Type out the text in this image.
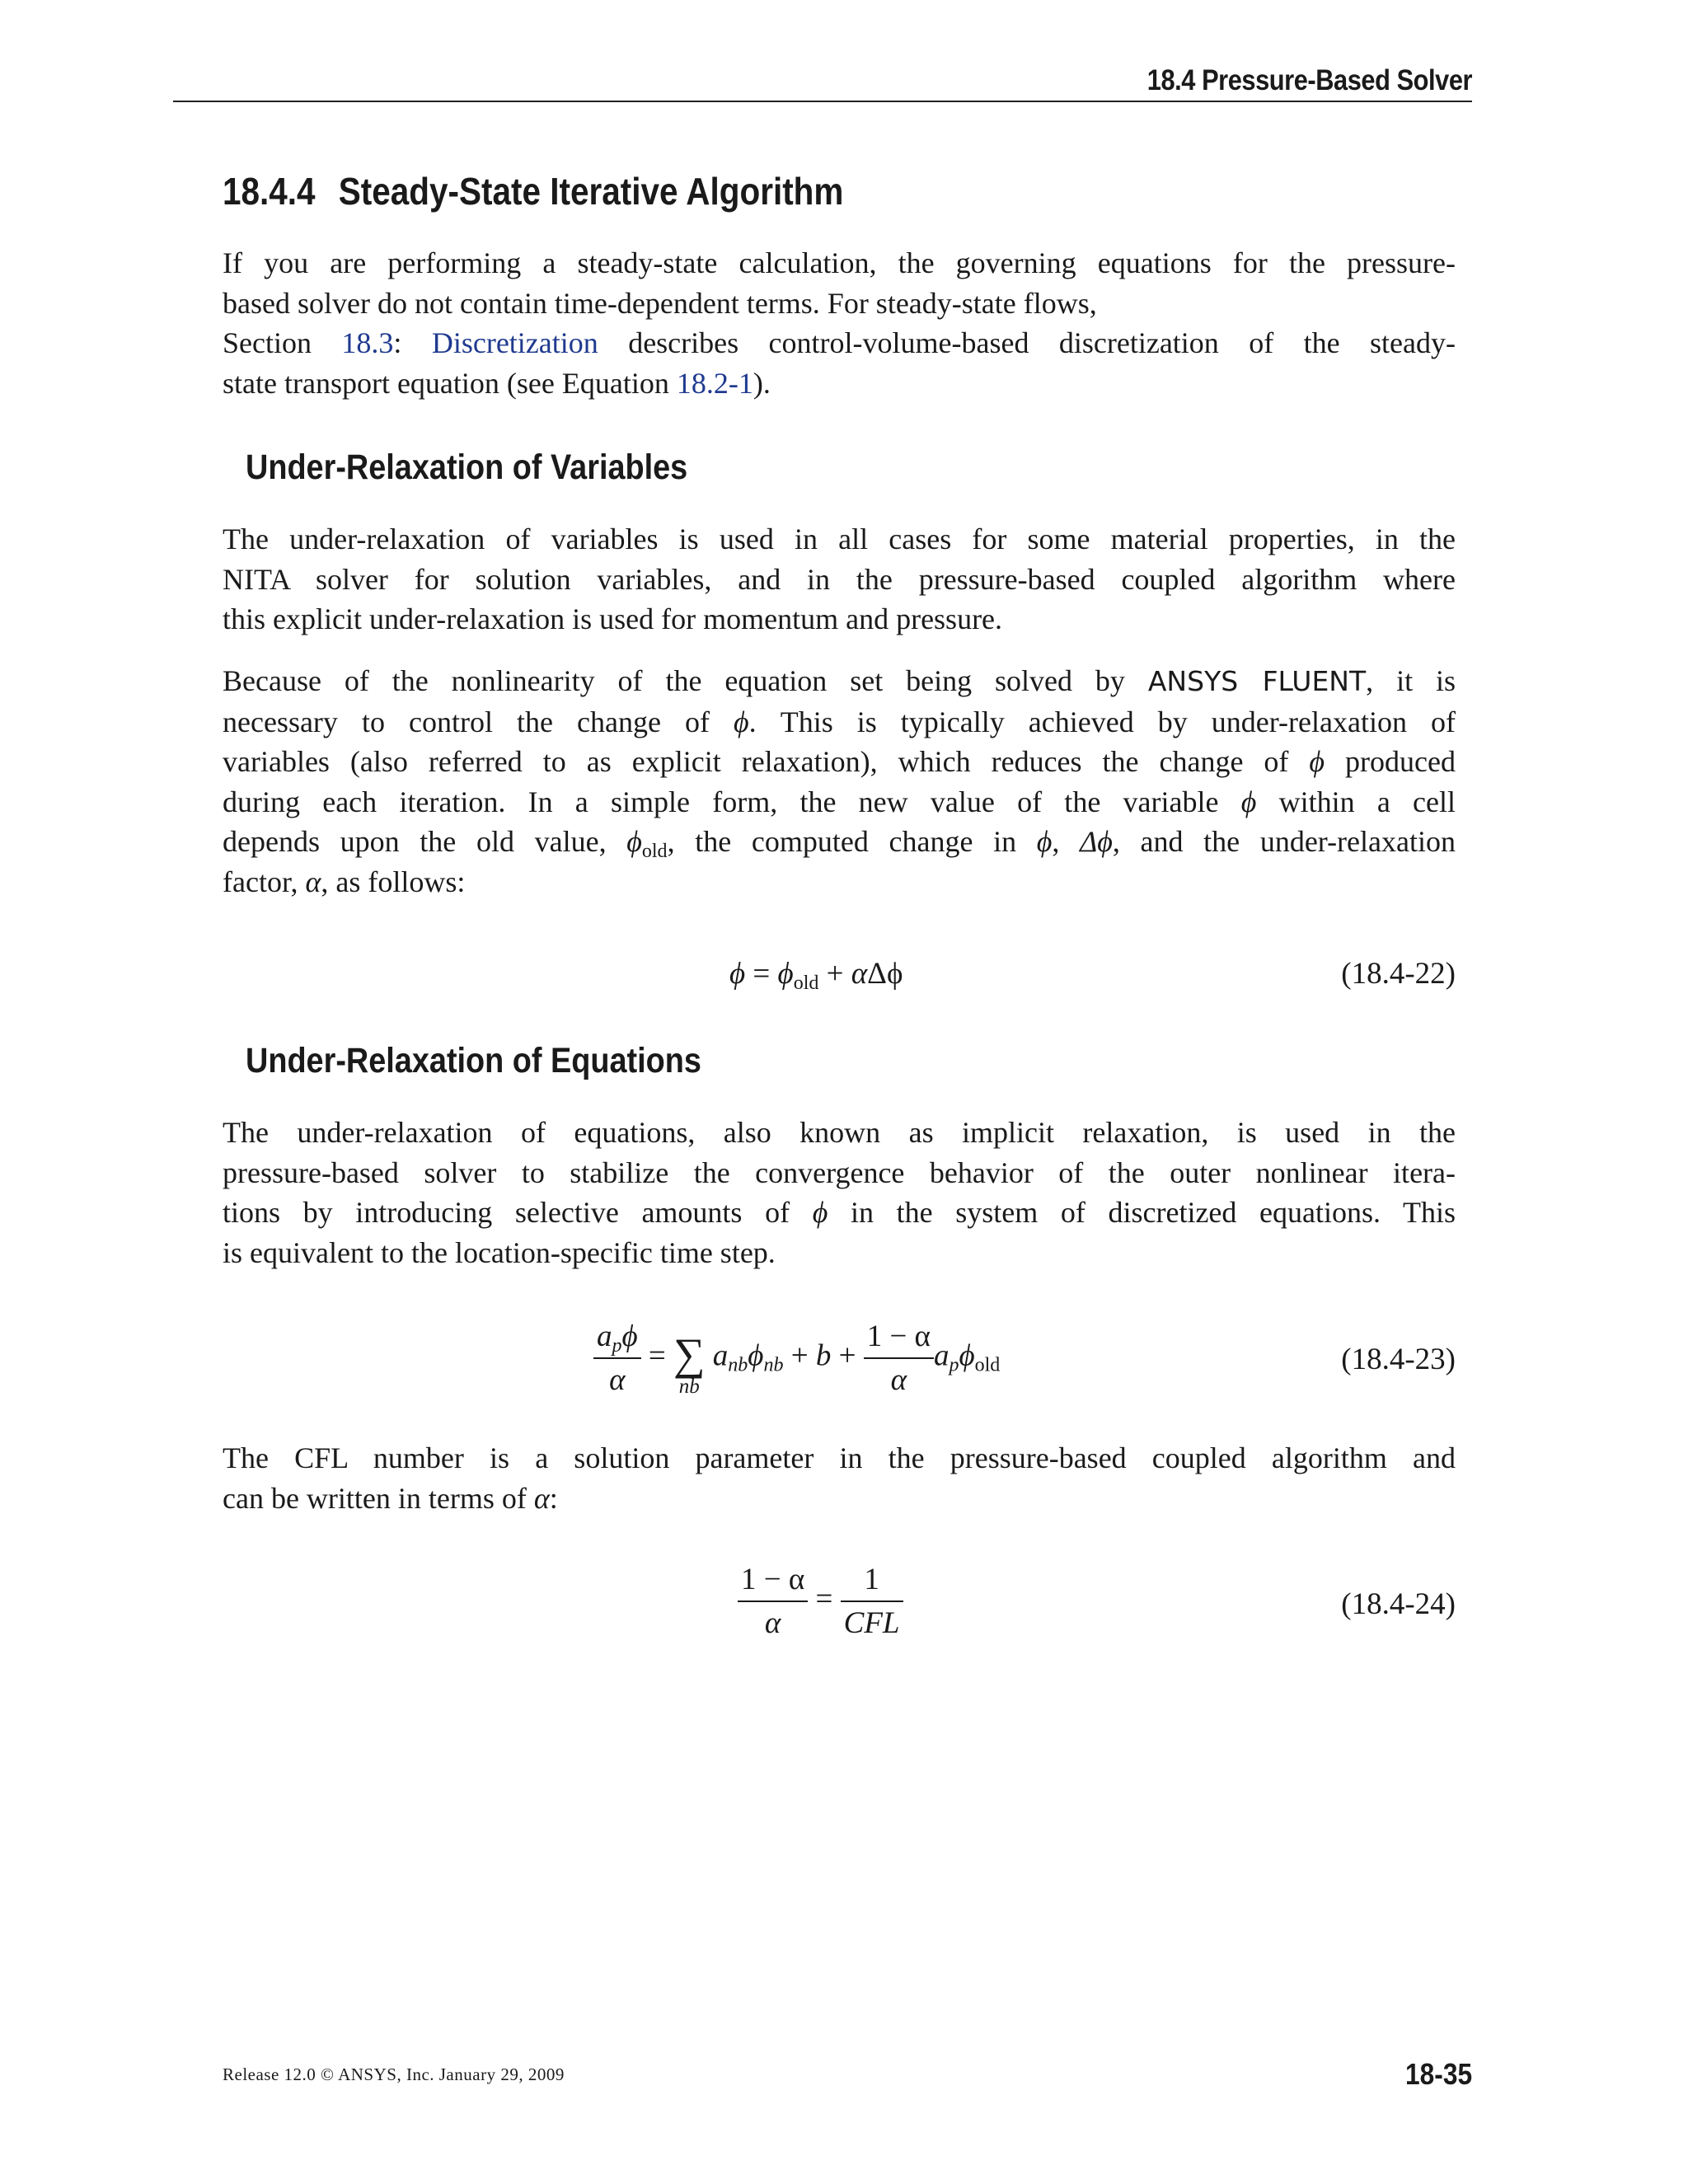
18.4 Pressure-Based Solver
18.4.4 Steady-State Iterative Algorithm
If you are performing a steady-state calculation, the governing equations for the pressure-
based solver do not contain time-dependent terms. For steady-state flows,
Section 18.3: Discretization describes control-volume-based discretization of the steady-
state transport equation (see Equation 18.2-1).
Under-Relaxation of Variables
The under-relaxation of variables is used in all cases for some material properties, in the
NITA solver for solution variables, and in the pressure-based coupled algorithm where
this explicit under-relaxation is used for momentum and pressure.
Because of the nonlinearity of the equation set being solved by ANSYS FLUENT, it is
necessary to control the change of ϕ. This is typically achieved by under-relaxation of
variables (also referred to as explicit relaxation), which reduces the change of ϕ produced
during each iteration. In a simple form, the new value of the variable ϕ within a cell
depends upon the old value, $\phi_{old}$, the computed change in ϕ, Δϕ, and the under-relaxation
factor, α, as follows:
$\phi = \phi_{old} + \alpha\Delta\phi$	(18.4-22)
Under-Relaxation of Equations
The under-relaxation of equations, also known as implicit relaxation, is used in the
pressure-based solver to stabilize the convergence behavior of the outer nonlinear itera-
tions by introducing selective amounts of ϕ in the system of discretized equations. This
is equivalent to the location-specific time step.
$\frac{a_p\phi}{\alpha}$ = ∑
nb
$a_{nb}\phi_{nb} + b + \frac{1 - \alpha}{\alpha} a_p\phi_{old}$	(18.4-23)
The CFL number is a solution parameter in the pressure-based coupled algorithm and
can be written in terms of α:
$\frac{1 - \alpha}{\alpha} = \frac{1}{\text{CFL}}$	(18.4-24)
Release 12.0 © ANSYS, Inc. January 29, 2009	18-35
